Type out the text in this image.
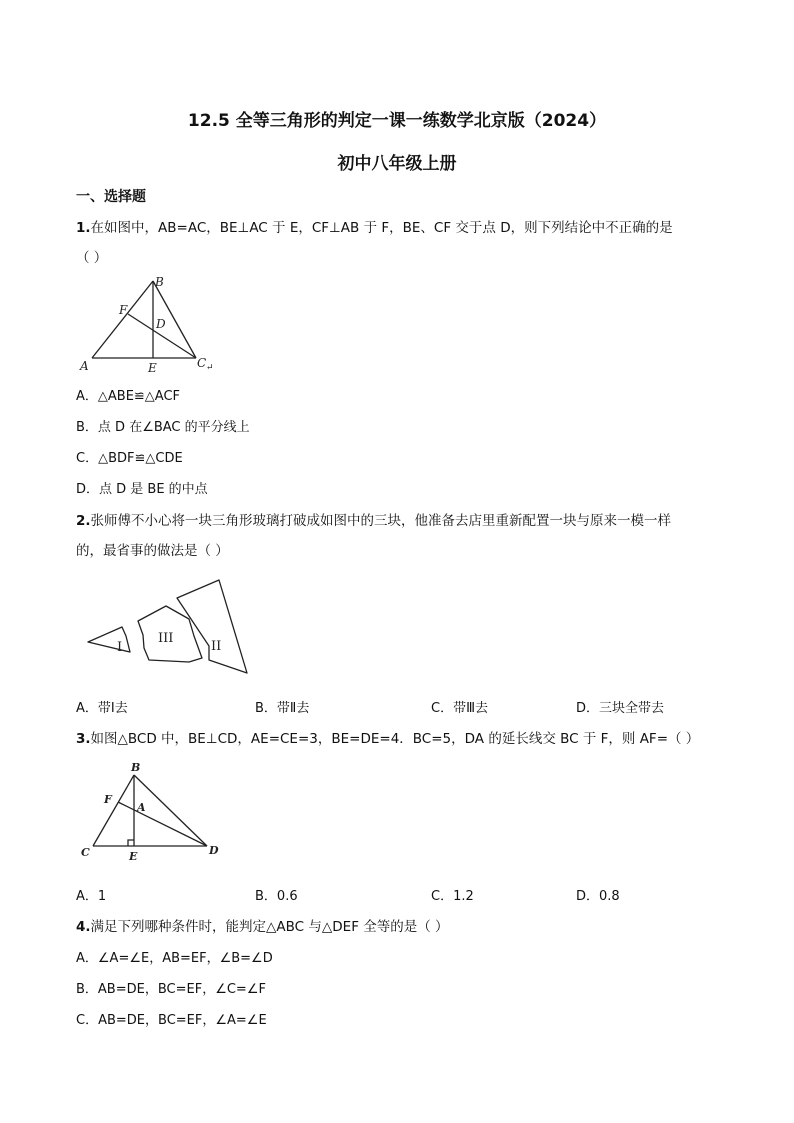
12.5 全等三角形的判定一课一练数学北京版（2024）
初中八年级上册
一、选择题
1.在如图中，AB=AC，BE⊥AC 于 E，CF⊥AB 于 F，BE、CF 交于点 D，则下列结论中不正确的是
（ ）
A
B
C
D
E
F
↵
A．△ABE≌△ACF
B．点 D 在∠BAC 的平分线上
C．△BDF≌△CDE
D．点 D 是 BE 的中点
2.张师傅不小心将一块三角形玻璃打破成如图中的三块，他准备去店里重新配置一块与原来一模一样
的，最省事的做法是（ ）
I
III
II
A．带Ⅰ去	B．带Ⅱ去	C．带Ⅲ去	D．三块全带去
3.如图△BCD 中，BE⊥CD，AE=CE=3，BE=DE=4．BC=5，DA 的延长线交 BC 于 F，则 AF=（ ）
B
F
A
C	E	D
A．1	B．0.6	C．1.2	D．0.8
4.满足下列哪种条件时，能判定△ABC 与△DEF 全等的是（ ）
A．∠A=∠E，AB=EF，∠B=∠D
B．AB=DE，BC=EF，∠C=∠F
C．AB=DE，BC=EF，∠A=∠E
